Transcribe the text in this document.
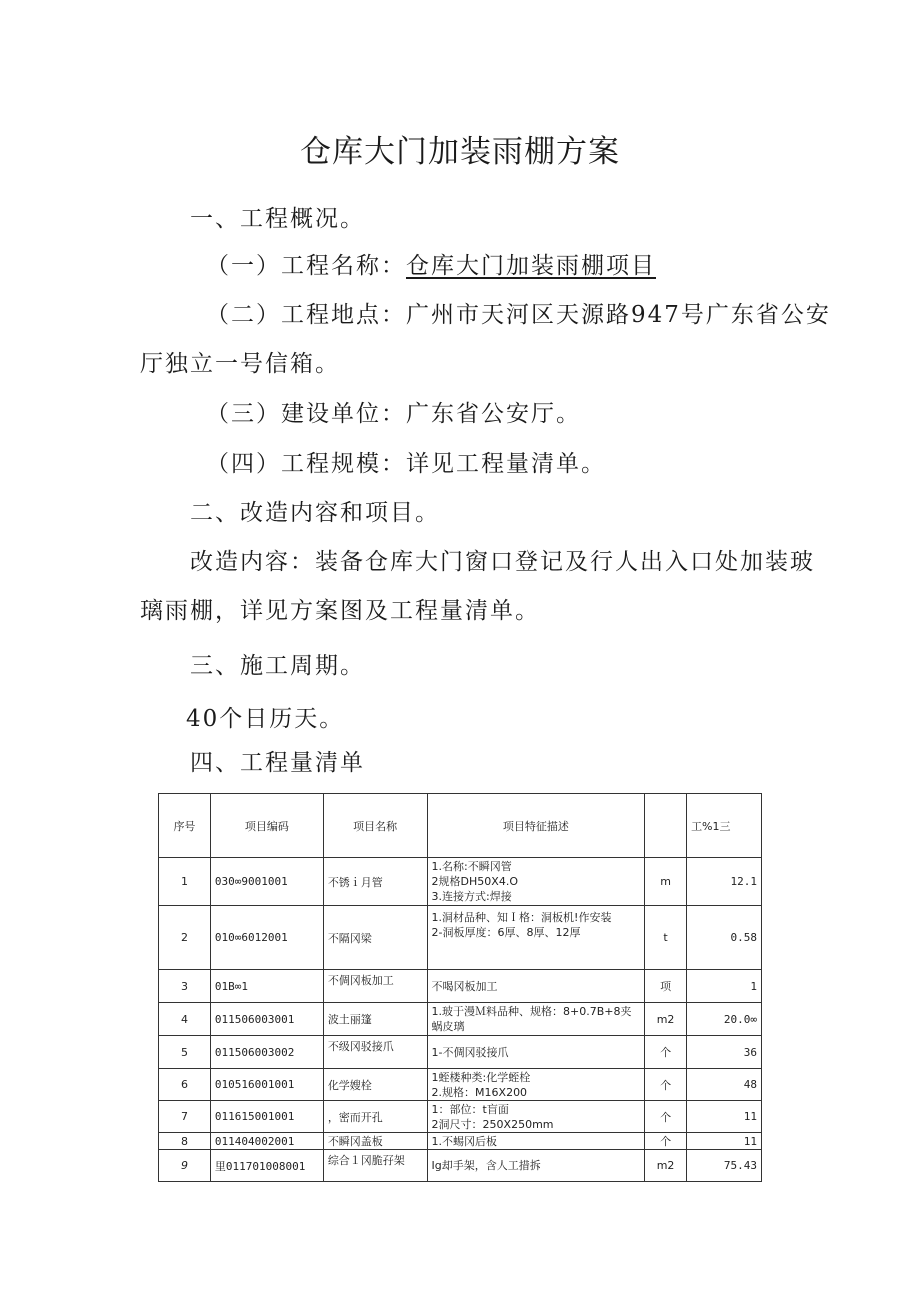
仓库大门加装雨棚方案

一、工程概况。

（一）工程名称：仓库大门加装雨棚项目

（二）工程地点：广州市天河区天源路947号广东省公安

厅独立一号信箱。

（三）建设单位：广东省公安厅。

（四）工程规模：详见工程量清单。

二、改造内容和项目。

改造内容：装备仓库大门窗口登记及行人出入口处加装玻

璃雨棚，详见方案图及工程量清单。

三、施工周期。

40个日历天。

四、工程量清单

序号	项目编码	项目名称	项目特征描述		工%1三
1	030∞9001001	不锈ｉ月管	1.名称:不瞬冈管
2规格DH50X4.O
3.连接方式:焊接	m	12.1
2	010∞6012001	不隔冈梁	1.洞材品种、知Ｉ格：洞板机!作安装
2-洞板厚度：6厚、8厚、12厚	t	0.58
3	01B∞1	不倜冈板加工	不喝冈板加工	项	1
4	011506003001	波土丽篷	1.玻于漫Ｍ料品种、规格：8+0.7B+8夹
蜗皮璃	m2	20.0∞
5	011506003002	不级冈驳接爪	1-不倜冈驳接爪	个	36
6	010516001001	化学嫂栓	1蛭楼种类:化学蛭栓
2.规格：M16X200	个	48
7	011615001001	，密而开孔	1：部位：t盲面
2洞尺寸：250X250mm	个	11
8	011404002001	不瞬冈盖板	1.不蜴冈后板	个	11
9	里011701008001	综合１冈脆孖架	Ig却手架，含人工措拆	m2	75.43
